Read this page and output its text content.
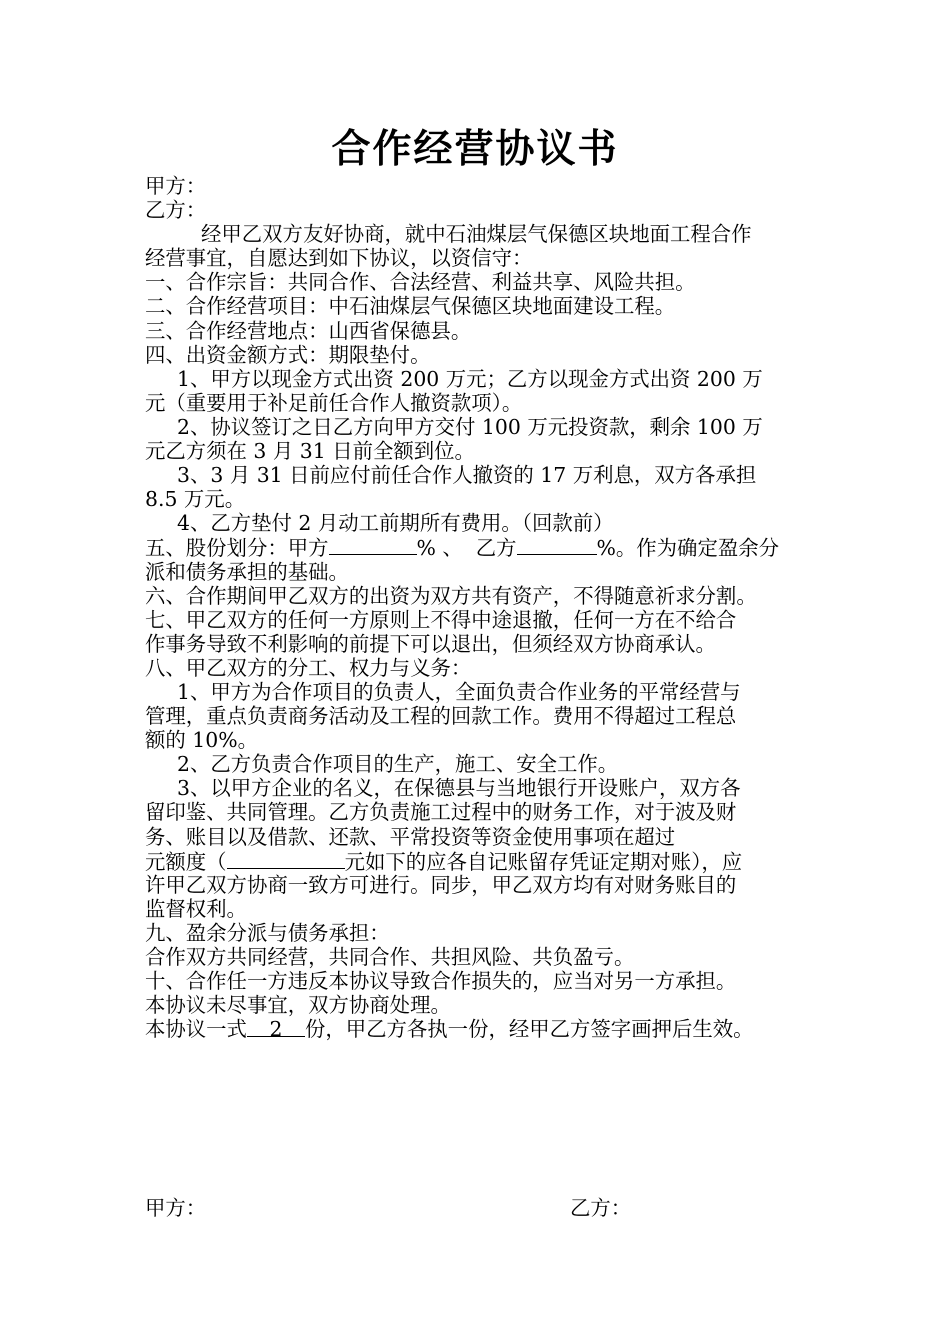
合作经营协议书
甲方：
乙方：
经甲乙双方友好协商，就中石油煤层气保德区块地面工程合作
经营事宜，自愿达到如下协议，以资信守：
一、合作宗旨：共同合作、合法经营、利益共享、风险共担。
二、合作经营项目：中石油煤层气保德区块地面建设工程。
三、合作经营地点：山西省保德县。
四、出资金额方式：期限垫付。
1、甲方以现金方式出资 200 万元；乙方以现金方式出资 200 万
元（重要用于补足前任合作人撤资款项）。
2、协议签订之日乙方向甲方交付 100 万元投资款，剩余 100 万
元乙方须在 3 月 31 日前全额到位。
3、3 月 31 日前应付前任合作人撤资的 17 万利息，双方各承担
8.5 万元。
4、乙方垫付 2 月动工前期所有费用。（回款前）
五、股份划分：甲方	% 、  乙方	%。作为确定盈余分
派和债务承担的基础。
六、合作期间甲乙双方的出资为双方共有资产，不得随意祈求分割。
七、甲乙双方的任何一方原则上不得中途退撤，任何一方在不给合
作事务导致不利影响的前提下可以退出，但须经双方协商承认。
八、甲乙双方的分工、权力与义务：
1、甲方为合作项目的负责人，全面负责合作业务的平常经营与
管理，重点负责商务活动及工程的回款工作。费用不得超过工程总
额的 10%。
2、乙方负责合作项目的生产，施工、安全工作。
3、以甲方企业的名义，在保德县与当地银行开设账户，双方各
留印鉴、共同管理。乙方负责施工过程中的财务工作，对于波及财
务、账目以及借款、还款、平常投资等资金使用事项在超过
元额度（	元如下的应各自记账留存凭证定期对账），应
许甲乙双方协商一致方可进行。同步，甲乙双方均有对财务账目的
监督权利。
九、盈余分派与债务承担：
合作双方共同经营，共同合作、共担风险、共负盈亏。
十、合作任一方违反本协议导致合作损失的，应当对另一方承担。
本协议未尽事宜，双方协商处理。
本协议一式 2 份，甲乙方各执一份，经甲乙方签字画押后生效。
甲方：	乙方：
